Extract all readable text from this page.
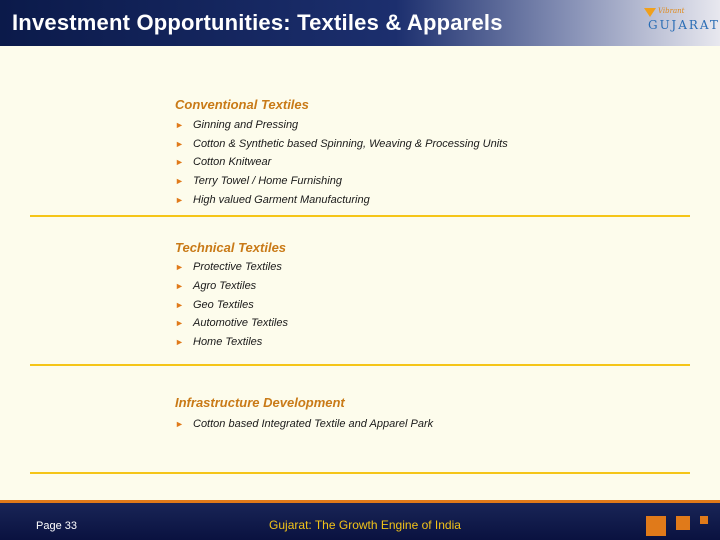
Investment Opportunities: Textiles & Apparels	Vibrant
GUJARAT
Conventional Textiles
► Ginning and Pressing
► Cotton & Synthetic based Spinning, Weaving & Processing Units
► Cotton Knitwear
► Terry Towel / Home Furnishing
► High valued Garment Manufacturing
Technical Textiles
► Protective Textiles
► Agro Textiles
► Geo Textiles
► Automotive Textiles
► Home Textiles
Infrastructure Development
► Cotton based Integrated Textile and Apparel Park
Page 33	Gujarat: The Growth Engine of India
